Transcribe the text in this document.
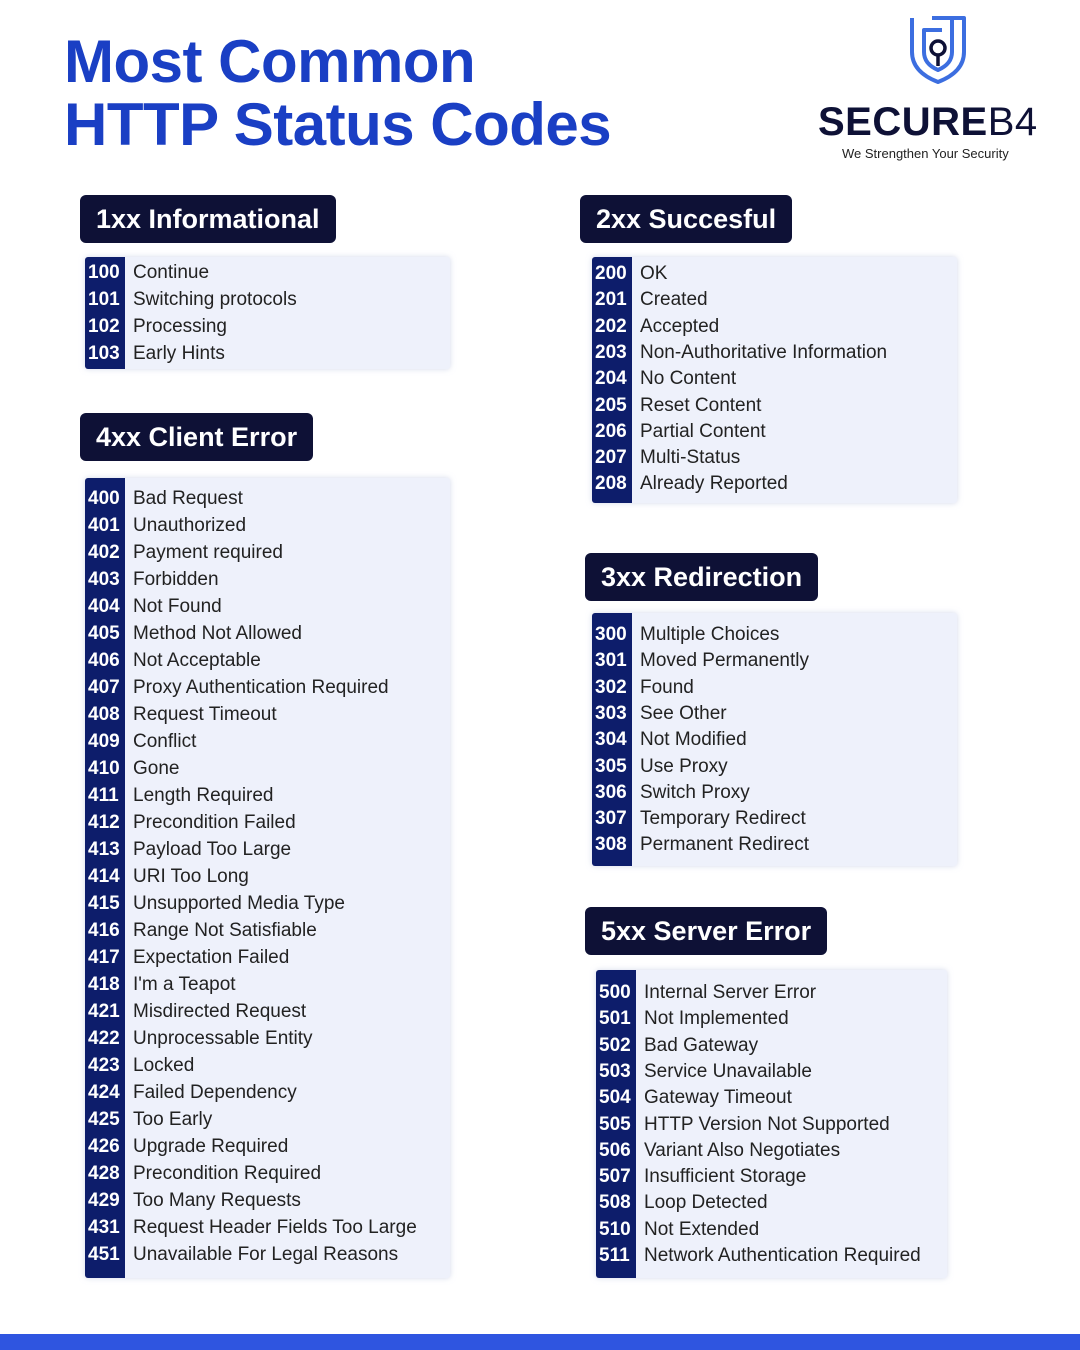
Most Common
HTTP Status Codes	SECUREB4
We Strengthen Your Security
1xx Informational
100 Continue
101 Switching protocols
102 Processing
103 Early Hints
4xx Client Error
400 Bad Request
401 Unauthorized
402 Payment required
403 Forbidden
404 Not Found
405 Method Not Allowed
406 Not Acceptable
407 Proxy Authentication Required
408 Request Timeout
409 Conflict
410 Gone
411 Length Required
412 Precondition Failed
413 Payload Too Large
414 URI Too Long
415 Unsupported Media Type
416 Range Not Satisfiable
417 Expectation Failed
418 I'm a Teapot
421 Misdirected Request
422 Unprocessable Entity
423 Locked
424 Failed Dependency
425 Too Early
426 Upgrade Required
428 Precondition Required
429 Too Many Requests
431 Request Header Fields Too Large
451 Unavailable For Legal Reasons
2xx Succesful
200 OK
201 Created
202 Accepted
203 Non-Authoritative Information
204 No Content
205 Reset Content
206 Partial Content
207 Multi-Status
208 Already Reported
3xx Redirection
300 Multiple Choices
301 Moved Permanently
302 Found
303 See Other
304 Not Modified
305 Use Proxy
306 Switch Proxy
307 Temporary Redirect
308 Permanent Redirect
5xx Server Error
500 Internal Server Error
501 Not Implemented
502 Bad Gateway
503 Service Unavailable
504 Gateway Timeout
505 HTTP Version Not Supported
506 Variant Also Negotiates
507 Insufficient Storage
508 Loop Detected
510 Not Extended
511 Network Authentication Required
